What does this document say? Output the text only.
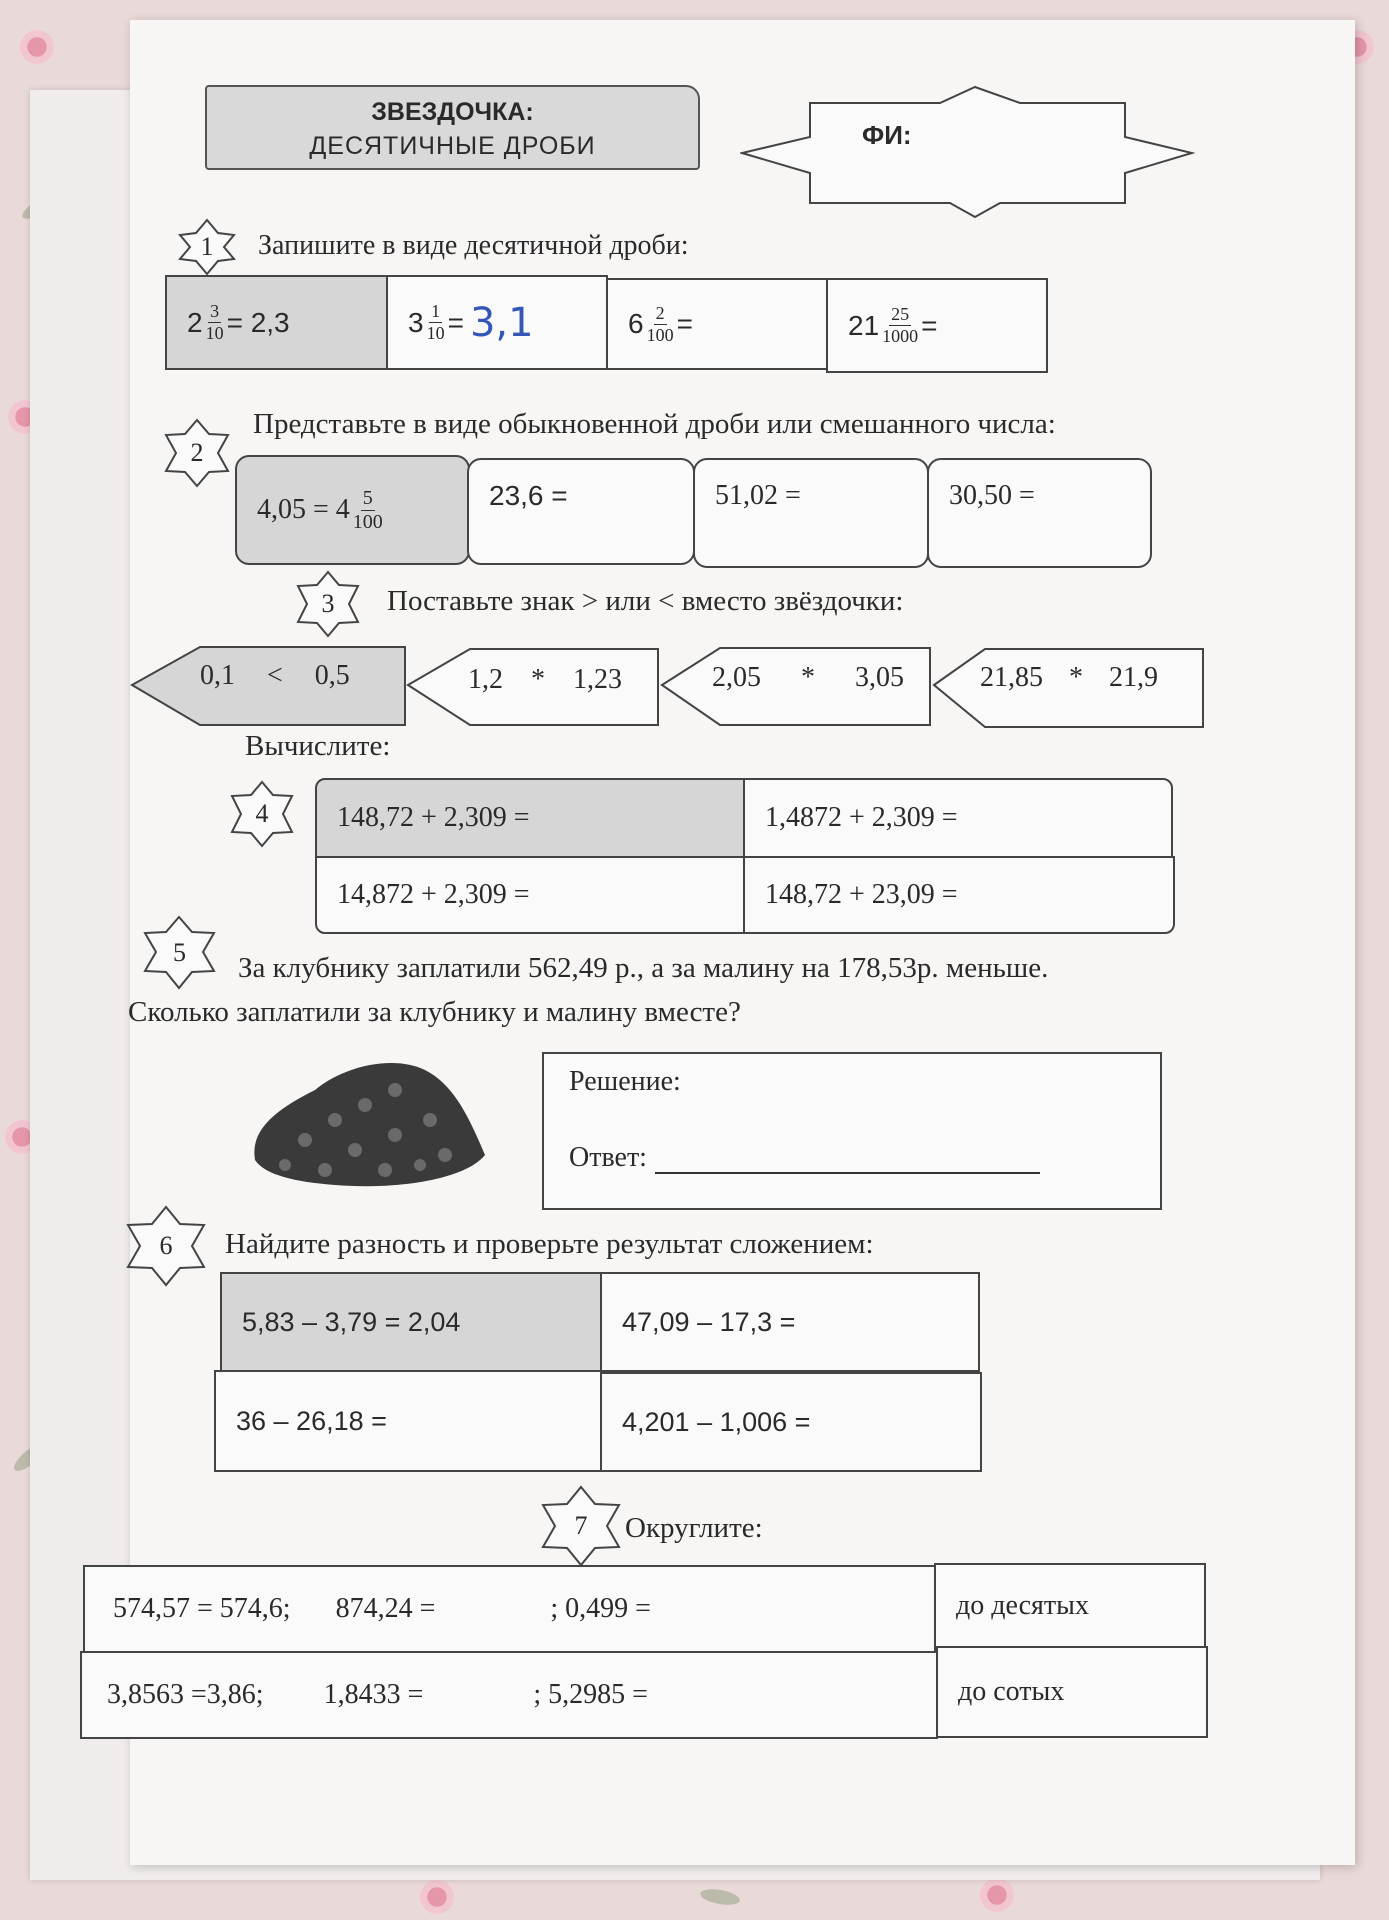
ЗВЕЗДОЧКА:
ДЕСЯТИЧНЫЕ ДРОБИ	ФИ:
1 Запишите в виде десятичной дроби:
$2 \frac{3}{10} = 2,3$	$3 \frac{1}{10} = 3,1$	$6 \frac{2}{100}$ =	$21 \frac{25}{1000}$ =
2
Представьте в виде обыкновенной дроби или смешанного числа:
$4,05 = 4 \frac{5}{100}$	23,6 =	51,02 =	30,50 =
3 Поставьте знак > или < вместо звёздочки:
0,1 < 0,5	1,2 * 1,23	2,05 * 3,05	21,85 * 21,9
Вычислите:
4 148,72 + 2,309 =	1,4872 + 2,309 =
14,872 + 2,309 =	148,72 + 23,09 =
5 За клубнику заплатили 562,49 р., а за малину на 178,53р. меньше.
Сколько заплатили за клубнику и малину вместе?
Решение:
Ответ:
6 Найдите разность и проверьте результат сложением:
5,83 – 3,79 = 2,04	47,09 – 17,3 =
36 – 26,18 =	4,201 – 1,006 =
7 Округлите:
574,57 = 574,6; 874,24 =	; 0,499 =	до десятых
3,8563 =3,86; 1,8433 =	; 5,2985 =	до сотых
